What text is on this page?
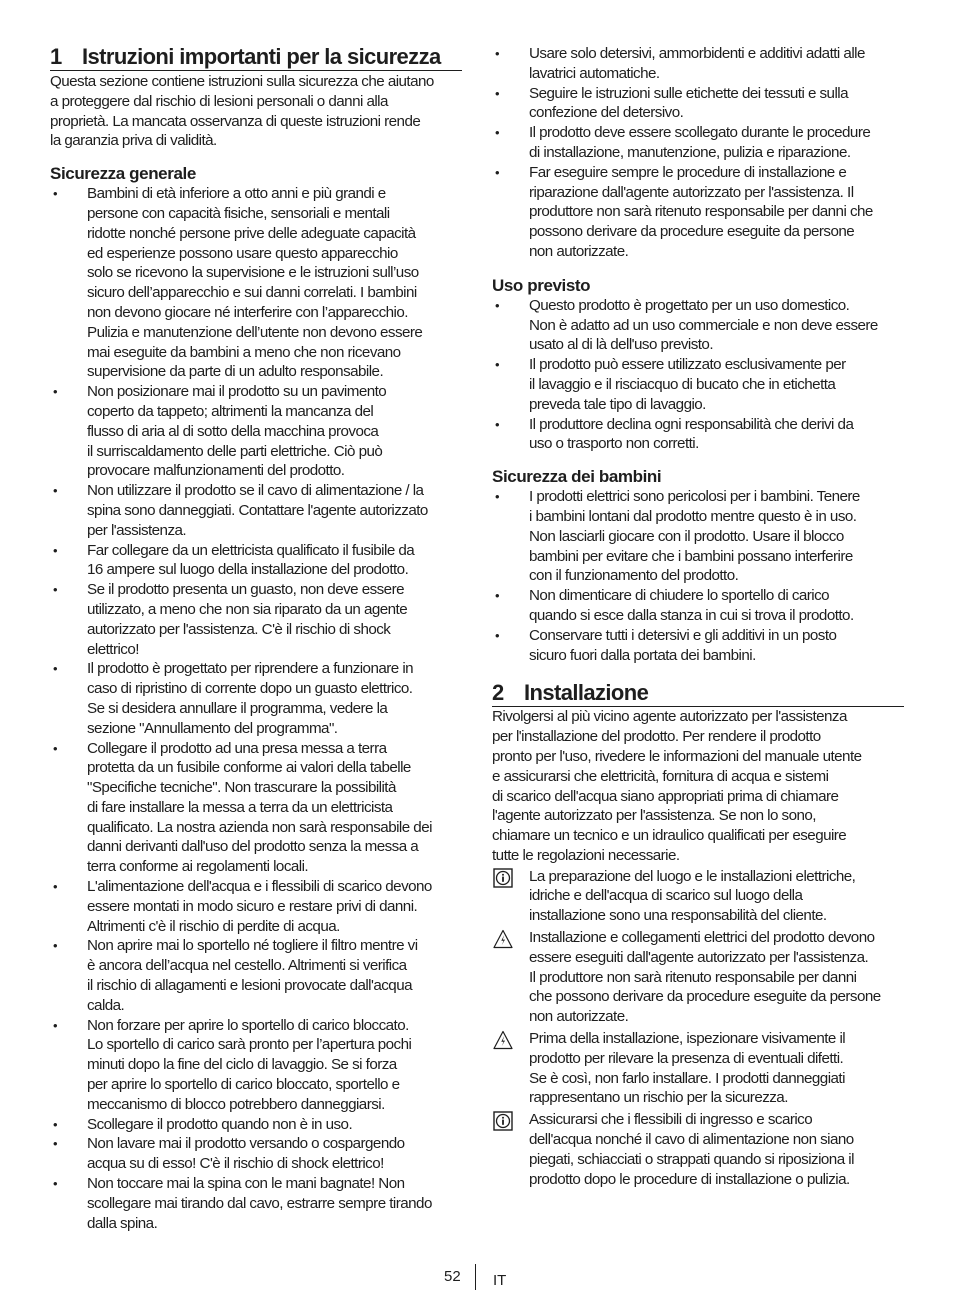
1 Istruzioni importanti per la sicurezza

Questa sezione contiene istruzioni sulla sicurezza che aiutano
a proteggere dal rischio di lesioni personali o danni alla
proprietà. La mancata osservanza di queste istruzioni rende
la garanzia priva di validità.

Sicurezza generale
• Bambini di età inferiore a otto anni e più grandi e
persone con capacità fisiche, sensoriali e mentali
ridotte nonché persone prive delle adeguate capacità
ed esperienze possono usare questo apparecchio
solo se ricevono la supervisione e le istruzioni sull’uso
sicuro dell’apparecchio e sui danni correlati. I bambini
non devono giocare né interferire con l’apparecchio.
Pulizia e manutenzione dell’utente non devono essere
mai eseguite da bambini a meno che non ricevano
supervisione da parte di un adulto responsabile.
• Non posizionare mai il prodotto su un pavimento
coperto da tappeto; altrimenti la mancanza del
flusso di aria al di sotto della macchina provoca
il surriscaldamento delle parti elettriche. Ciò può
provocare malfunzionamenti del prodotto.
• Non utilizzare il prodotto se il cavo di alimentazione / la
spina sono danneggiati. Contattare l'agente autorizzato
per l'assistenza.
• Far collegare da un elettricista qualificato il fusibile da
16 ampere sul luogo della installazione del prodotto.
• Se il prodotto presenta un guasto, non deve essere
utilizzato, a meno che non sia riparato da un agente
autorizzato per l'assistenza. C'è il rischio di shock
elettrico!
• Il prodotto è progettato per riprendere a funzionare in
caso di ripristino di corrente dopo un guasto elettrico.
Se si desidera annullare il programma, vedere la
sezione "Annullamento del programma".
• Collegare il prodotto ad una presa messa a terra
protetta da un fusibile conforme ai valori della tabelle
"Specifiche tecniche". Non trascurare la possibilità
di fare installare la messa a terra da un elettricista
qualificato. La nostra azienda non sarà responsabile dei
danni derivanti dall'uso del prodotto senza la messa a
terra conforme ai regolamenti locali.
• L'alimentazione dell'acqua e i flessibili di scarico devono
essere montati in modo sicuro e restare privi di danni.
Altrimenti c'è il rischio di perdite di acqua.
• Non aprire mai lo sportello né togliere il filtro mentre vi
è ancora dell’acqua nel cestello. Altrimenti si verifica
il rischio di allagamenti e lesioni provocate dall'acqua
calda.
• Non forzare per aprire lo sportello di carico bloccato.
Lo sportello di carico sarà pronto per l’apertura pochi
minuti dopo la fine del ciclo di lavaggio. Se si forza
per aprire lo sportello di carico bloccato, sportello e
meccanismo di blocco potrebbero danneggiarsi.
• Scollegare il prodotto quando non è in uso.
• Non lavare mai il prodotto versando o cospargendo
acqua su di esso! C'è il rischio di shock elettrico!
• Non toccare mai la spina con le mani bagnate! Non
scollegare mai tirando dal cavo, estrarre sempre tirando
dalla spina.
• Usare solo detersivi, ammorbidenti e additivi adatti alle
lavatrici automatiche.
• Seguire le istruzioni sulle etichette dei tessuti e sulla
confezione del detersivo.
• Il prodotto deve essere scollegato durante le procedure
di installazione, manutenzione, pulizia e riparazione.
• Far eseguire sempre le procedure di installazione e
riparazione dall'agente autorizzato per l'assistenza. Il
produttore non sarà ritenuto responsabile per danni che
possono derivare da procedure eseguite da persone
non autorizzate.
Uso previsto
• Questo prodotto è progettato per un uso domestico.
Non è adatto ad un uso commerciale e non deve essere
usato al di là dell'uso previsto.
• Il prodotto può essere utilizzato esclusivamente per
il lavaggio e il risciacquo di bucato che in etichetta
preveda tale tipo di lavaggio.
• Il produttore declina ogni responsabilità che derivi da
uso o trasporto non corretti.
Sicurezza dei bambini
• I prodotti elettrici sono pericolosi per i bambini. Tenere
i bambini lontani dal prodotto mentre questo è in uso.
Non lasciarli giocare con il prodotto. Usare il blocco
bambini per evitare che i bambini possano interferire
con il funzionamento del prodotto.
• Non dimenticare di chiudere lo sportello di carico
quando si esce dalla stanza in cui si trova il prodotto.
• Conservare tutti i detersivi e gli additivi in un posto
sicuro fuori dalla portata dei bambini.
2 Installazione

Rivolgersi al più vicino agente autorizzato per l'assistenza
per l'installazione del prodotto. Per rendere il prodotto
pronto per l'uso, rivedere le informazioni del manuale utente
e assicurarsi che elettricità, fornitura di acqua e sistemi
di scarico dell'acqua siano appropriati prima di chiamare
l'agente autorizzato per l'assistenza. Se non lo sono,
chiamare un tecnico e un idraulico qualificati per eseguire
tutte le regolazioni necessarie.

La preparazione del luogo e le installazioni elettriche,
idriche e dell'acqua di scarico sul luogo della
installazione sono una responsabilità del cliente.
Installazione e collegamenti elettrici del prodotto devono
essere eseguiti dall'agente autorizzato per l'assistenza.
Il produttore non sarà ritenuto responsabile per danni
che possono derivare da procedure eseguite da persone
non autorizzate.
Prima della installazione, ispezionare visivamente il
prodotto per rilevare la presenza di eventuali difetti.
Se è così, non farlo installare. I prodotti danneggiati
rappresentano un rischio per la sicurezza.
Assicurarsi che i flessibili di ingresso e scarico
dell'acqua nonché il cavo di alimentazione non siano
piegati, schiacciati o strappati quando si riposiziona il
prodotto dopo le procedure di installazione o pulizia.
52 IT
